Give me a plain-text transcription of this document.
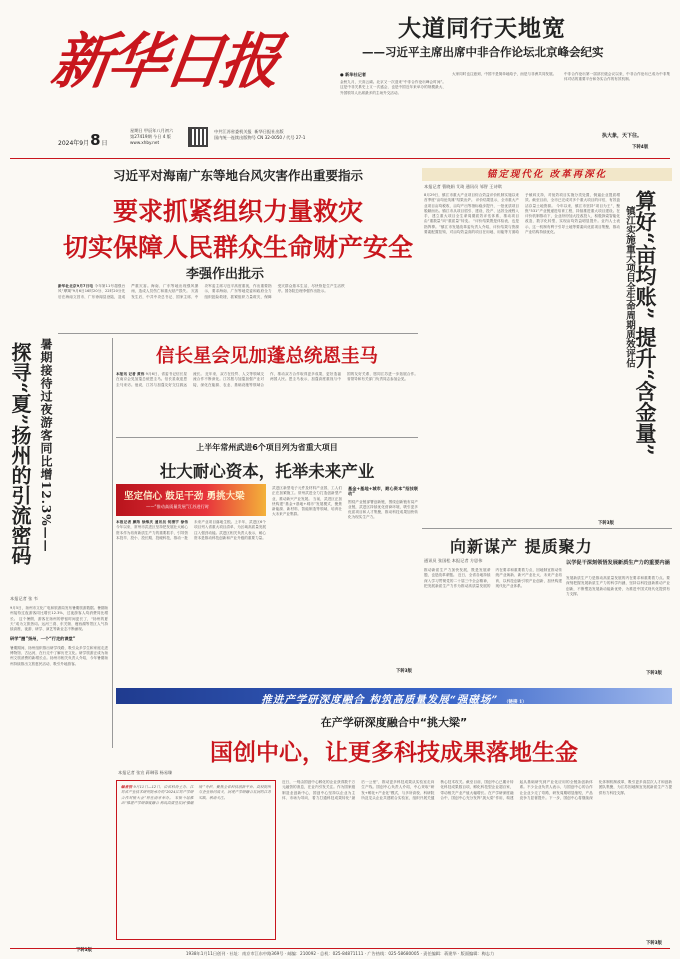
新华日报
2024年9月8日
星期日 甲辰年八月初六
第27419期 今日 4 版
www.xhby.net
中共江苏省委机关报 新华日报社出版
国内统一连续出版物号 CN 32-0050 / 代号 27-1
大道同行天地宽
——习近平主席出席中非合作论坛北京峰会纪实
● 新华社记者
金秋九月，天高云阔。北京又一次迎来“中非合作论坛峰会时间”。这是中非关系史上又一次盛会，也是中国近年来举办的规模最大、外国领导人出席最多的主场外交活动。
大家同时也注意到，中国不是简单地给予，而是与非洲共同发展。	中非合作论坛第一届部长级会议以来，中非合作论坛已成为中非集体对话的重要平台和务实合作的有效机制。
执大象，天下往。
下转4版
习近平对海南广东等地台风灾害作出重要指示
要求抓紧组织力量救灾
切实保障人民群众生命财产安全
李强作出批示
新华社北京9月7日电 今年第11号超强台风“摩羯”9月6日16时20分、22时20分先后在海南文昌市、广东徐闻县登陆，造成严重灾害。海南、广东等地出现强风暴雨，造成人员伤亡和重大财产损失。 灾害发生后，中共中央总书记、国家主席、中央军委主席习近平高度重视，作出重要指示，要求海南、广东等地党委和政府全力组织抢险救援，抓紧组织力量救灾，保障受灾群众基本生活，尽快恢复生产生活秩序。国务院总理李强作出批示。
暑期接待过夜游客同比增12.3%——
探寻“夏”扬州的引流密码
本报记者 张 韦
9月5日，扬州市文化广电和旅游局发布暑期旅游数据。暑期扬州接待过夜游客同比增长12.3%，过夜游客人均消费同比增长。 这个暑假，游客在扬州的停留时间更长了，“扬州的夏天”成为文旅热词。运河三湾、东关街、瘦西湖等景区人气持续高涨，夜游、研学、演艺等新业态不断涌现。
研学“圈”扬州，一个“行走的课堂”
暑期期间，扬州组织推出研学线路，吸引众多学生和家庭走进博物馆、古运河，在行走中了解历史文化。研学旅游正成为扬州文旅消费的新增长点。扬州市相关负责人介绍，今年暑期扬州持续推出文旅惠民活动，吸引外地游客。
下转3版
信长星会见加蓬总统恩圭马
本报讯 记者 黄伟 9月6日，省委书记信长星在南京会见加蓬总统恩圭马。信长星欢迎恩圭马来访。他说，江苏与加蓬友好交往源远流长。 近年来，双方在经贸、人文等领域交流合作不断深化。江苏愿与加蓬加强产业对接，深化在能源、农业、基础设施等领域合作，推动双方合作取得更多成果，更好造福两国人民。恩圭马表示，加蓬高度重视与中国的友好关系，愿同江苏进一步拓展合作。省领导和有关部门负责同志参加会见。
上半年常州武进6个项目列为省重大项目
壮大耐心资本，托举未来产业
坚定信心 鼓足干劲 勇挑大梁
——“推动高质量发展”江苏进行时
本报记者 颜纬 徐维庆 通讯员 何清宇 徐伟 今年以来，常州市武进区坚持把发展壮大耐心资本作为培育新质生产力的重要抓手，引导资本投早、投小、投长期、投硬科技，推动一批未来产业项目落地生根。上半年，武进区6个项目列入省重大项目清单，为区域高质量发展注入强劲动能。武进区相关负责人表示，耐心资本是推动科技创新和产业升级的重要力量。
武进区新型电子元件及材料产业园，工人们正在加紧施工。常州武进全力打造创新型产业，推动新兴产业发展。 当前，武进区正加快构建“基金+基地+城市”发展模式，聚焦新能源、新材料、智能制造等领域，培育壮大未来产业集群。
基金+基地+城市，耐心资本“招技联动”
围绕产业链部署创新链，围绕创新链布局产业链，武进区持续优化营商环境，吸引更多优质项目和人才集聚，推动科技成果加快转化为现实生产力。
下转3版
锚定现代化 改革再深化
本报记者 曹晓娟 艾琦 通讯员 邹智 王诗琪
8月29日，镇江市重大产业项目综合效益评价机制实施以来首季度“亩均论英雄”结果出炉。 评价结果显示，全市重大产业项目亩均税收、亩均产出等指标稳步提升，一批优质项目脱颖而出。镇江市从项目招引、建设、投产、达效全流程入手，建立重大项目全生命周期质效评估体系，推动项目由“重数量”向“重质量”转变。 “评价结果既是体检表，也是指挥棒。”镇江市发展改革委负责人介绍，评价结果与资源要素配置挂钩，对亩均效益高的项目在用地、用能等方面给予倾斜支持，对低效项目实施分类处置，倒逼企业提质增效。截至目前，全市已完成对多个重大项目的评估，有效盘活存量土地资源。 今年以来，镇江市坚持“项目为王”，聚焦“531”产业链递进培育工程，持续推进重大项目建设。在评价机制推动下，企业纷纷加大技改投入，积极探索智能化改造、数字化转型，实现亩均效益明显提升。业内人士表示，这一机制有利于引导土地等要素向优质项目集聚，推动产业结构持续优化。	算好“亩均账” 提升“含金量”
镇江实施重大项目全生命周期质效评估
下转3版
向新谋产 提质聚力
通讯员 张国松 本报记者 方思伟
推动新质生产力加快发展，既是发展命题，也是改革命题。 近日，全省各地持续深入学习贯彻党的二十届三中全会精神，把发展新质生产力作为推动高质量发展的内在要求和重要着力点，因地制宜推动传统产业焕新、新兴产业壮大、未来产业培育，以科技创新引领产业创新，加快构建现代化产业体系。
以学促干深刻领悟发展新质生产力的重要内涵
发展新质生产力是推动高质量发展的内在要求和重要着力点。要深刻把握发展新质生产力的科学内涵，坚持以科技创新推动产业创新，不断塑造发展新动能新优势，为推进中国式现代化提供有力支撑。
下转3版
推进产学研深度融合 构筑高质量发展“强磁场” （链接 1）
在产学研深度融合中“挑大梁”
国创中心，让更多科技成果落地生金
本报记者 张宣 蒋琳蓉 杨易臻
编者按 9月11日—12日，由省科协主办、江苏省产业技术研究院承办的“2024江苏产学研合作对接大会”将在南京举办。 本报今起推出“推进产学研深度融合 构筑高质量发展‘强磁场’”专栏，聚焦全省科技创新平台、高校院所与企业协同攻关，展现产学研融合发展的江苏实践，敬请关注。
近日，一则由国创中心孵化的企业获得数千万元融资的消息，在业内引发关注。作为国家级制造业创新中心，国创中心坚持以企业为主体、市场为导向，着力打通科技成果转化“最后一公里”，推动更多科技成果从实验室走向生产线。国创中心负责人介绍，中心采取“研发+孵化+产业化”模式，与多所高校、科研院所及龙头企业共建联合实验室，组织开展关键核心技术攻关。截至目前，国创中心已累计转化科技成果数百项，孵化科技型企业超百家，带动相关产业产值大幅增长。在产学研深度融合中，国创中心充分发挥“挑大梁”作用，构建起从基础研究到产业化应用的全链条创新体系。不少企业负责人表示，与国创中心的合作让企业少走了弯路，研发周期明显缩短，产品竞争力显著提升。下一步，国创中心将继续深化体制机制改革，吸引更多高层次人才和创新团队集聚，为江苏因地制宜发展新质生产力提供有力科技支撑。
下转3版
1938年1月11日创刊 · 社址：南京市江东中路369号 · 邮编：210092 · 总机：025-84871111 · 广告热线：025-58680005 · 责任编辑：蒋建华 · 版面编辑：梅志力
